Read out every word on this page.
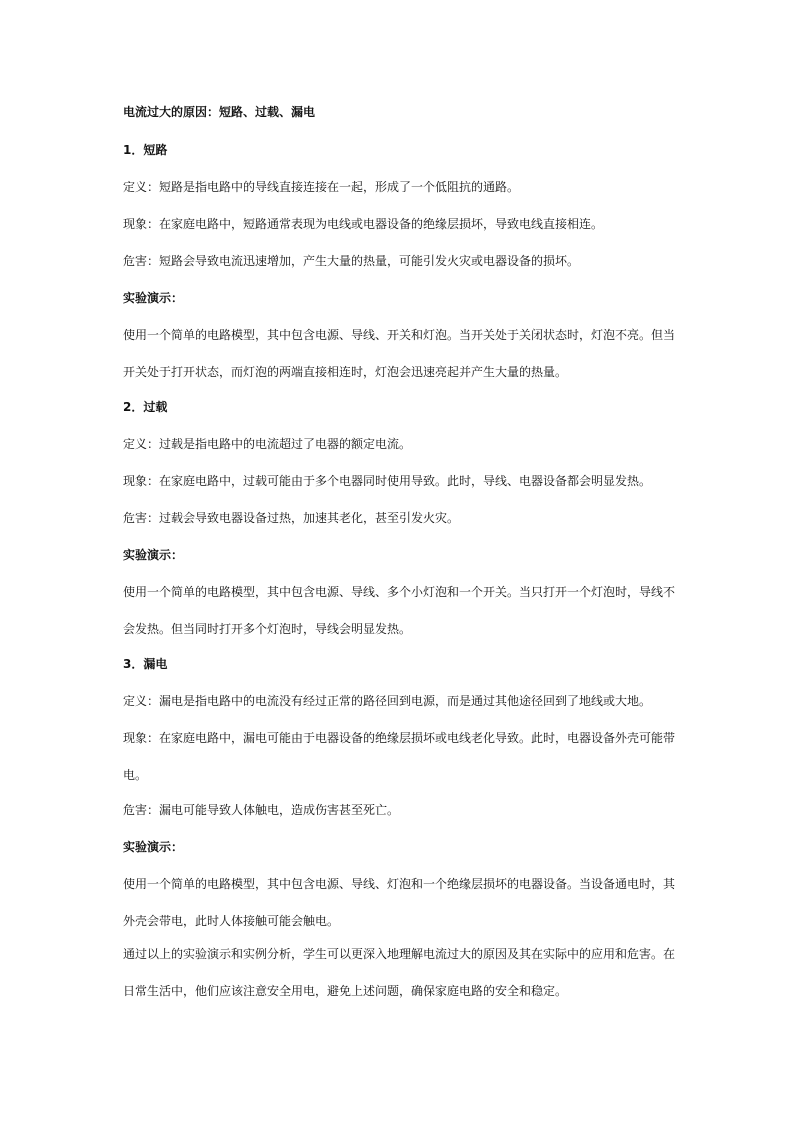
电流过大的原因：短路、过载、漏电

1．短路

定义：短路是指电路中的导线直接连接在一起，形成了一个低阻抗的通路。

现象：在家庭电路中，短路通常表现为电线或电器设备的绝缘层损坏，导致电线直接相连。

危害：短路会导致电流迅速增加，产生大量的热量，可能引发火灾或电器设备的损坏。

实验演示：

使用一个简单的电路模型，其中包含电源、导线、开关和灯泡。当开关处于关闭状态时，灯泡不亮。但当开关处于打开状态，而灯泡的两端直接相连时，灯泡会迅速亮起并产生大量的热量。

2．过载

定义：过载是指电路中的电流超过了电器的额定电流。

现象：在家庭电路中，过载可能由于多个电器同时使用导致。此时，导线、电器设备都会明显发热。

危害：过载会导致电器设备过热，加速其老化，甚至引发火灾。

实验演示：

使用一个简单的电路模型，其中包含电源、导线、多个小灯泡和一个开关。当只打开一个灯泡时，导线不会发热。但当同时打开多个灯泡时，导线会明显发热。

3．漏电

定义：漏电是指电路中的电流没有经过正常的路径回到电源，而是通过其他途径回到了地线或大地。

现象：在家庭电路中，漏电可能由于电器设备的绝缘层损坏或电线老化导致。此时，电器设备外壳可能带电。

危害：漏电可能导致人体触电，造成伤害甚至死亡。

实验演示：

使用一个简单的电路模型，其中包含电源、导线、灯泡和一个绝缘层损坏的电器设备。当设备通电时，其外壳会带电，此时人体接触可能会触电。

通过以上的实验演示和实例分析，学生可以更深入地理解电流过大的原因及其在实际中的应用和危害。在日常生活中，他们应该注意安全用电，避免上述问题，确保家庭电路的安全和稳定。
